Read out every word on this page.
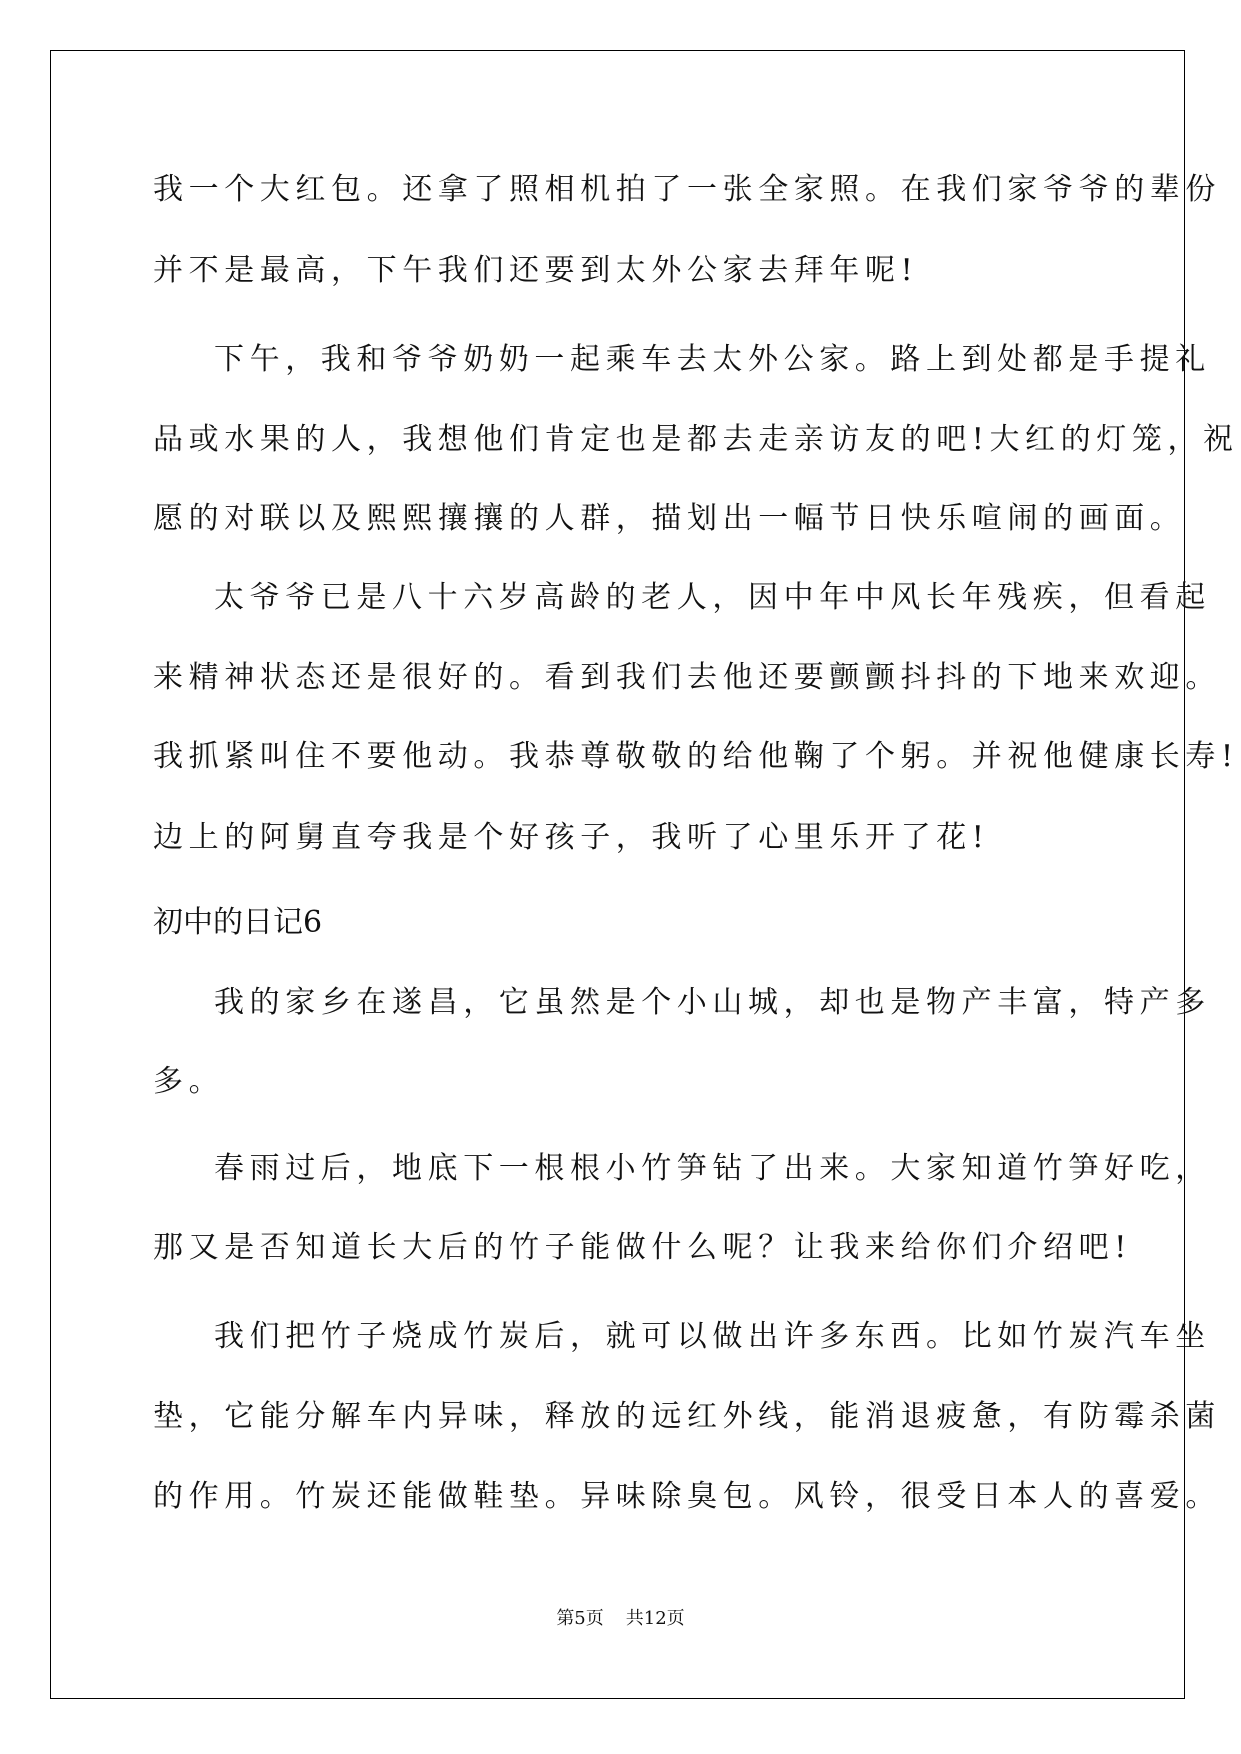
我一个大红包。还拿了照相机拍了一张全家照。在我们家爷爷的辈份

并不是最高，下午我们还要到太外公家去拜年呢!

下午，我和爷爷奶奶一起乘车去太外公家。路上到处都是手提礼

品或水果的人，我想他们肯定也是都去走亲访友的吧!大红的灯笼，祝

愿的对联以及熙熙攘攘的人群，描划出一幅节日快乐喧闹的画面。

太爷爷已是八十六岁高龄的老人，因中年中风长年残疾，但看起

来精神状态还是很好的。看到我们去他还要颤颤抖抖的下地来欢迎。

我抓紧叫住不要他动。我恭尊敬敬的给他鞠了个躬。并祝他健康长寿!

边上的阿舅直夸我是个好孩子，我听了心里乐开了花!

初中的日记6

我的家乡在遂昌，它虽然是个小山城，却也是物产丰富，特产多

多。

春雨过后，地底下一根根小竹笋钻了出来。大家知道竹笋好吃，

那又是否知道长大后的竹子能做什么呢？让我来给你们介绍吧!

我们把竹子烧成竹炭后，就可以做出许多东西。比如竹炭汽车坐

垫，它能分解车内异味，释放的远红外线，能消退疲惫，有防霉杀菌

的作用。竹炭还能做鞋垫。异味除臭包。风铃，很受日本人的喜爱。

第5页 共12页
